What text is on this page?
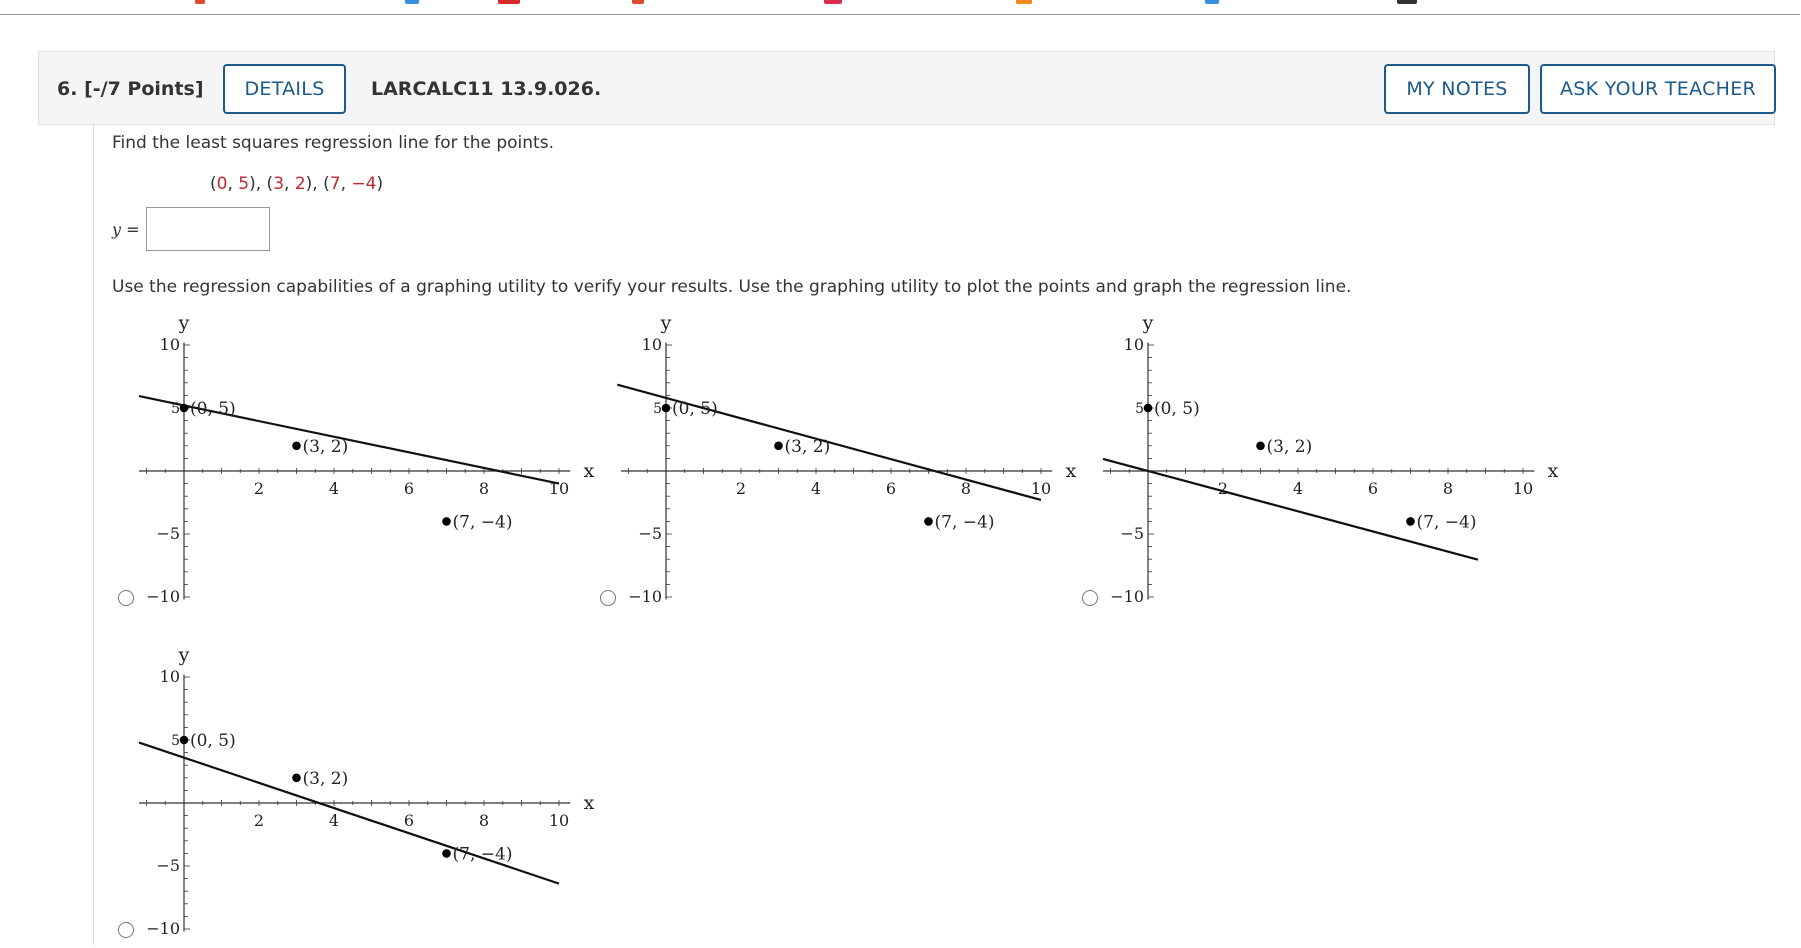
6. [-/7 Points]	DETAILS	LARCALC11 13.9.026.	MY NOTES	ASK YOUR TEACHER
Find the least squares regression line for the points.
(0, 5), (3, 2), (7, −4)
y =
Use the regression capabilities of a graphing utility to verify your results. Use the graphing utility to plot the points and graph the regression line.
2	4	6	8	10
10
5
−5
−10
y
x
(0, 5)
(3, 2)
(7, −4)
2	4	6	8	10
10
5
−5
−10
y
x
(0, 5)
(3, 2)
(7, −4)
2	4	6	8	10
10
5
−5
−10
y
x
(0, 5)
(3, 2)
(7, −4)
2	4	6	8	10
10
5
−5
−10
y
x
(0, 5)
(3, 2)
(7, −4)
